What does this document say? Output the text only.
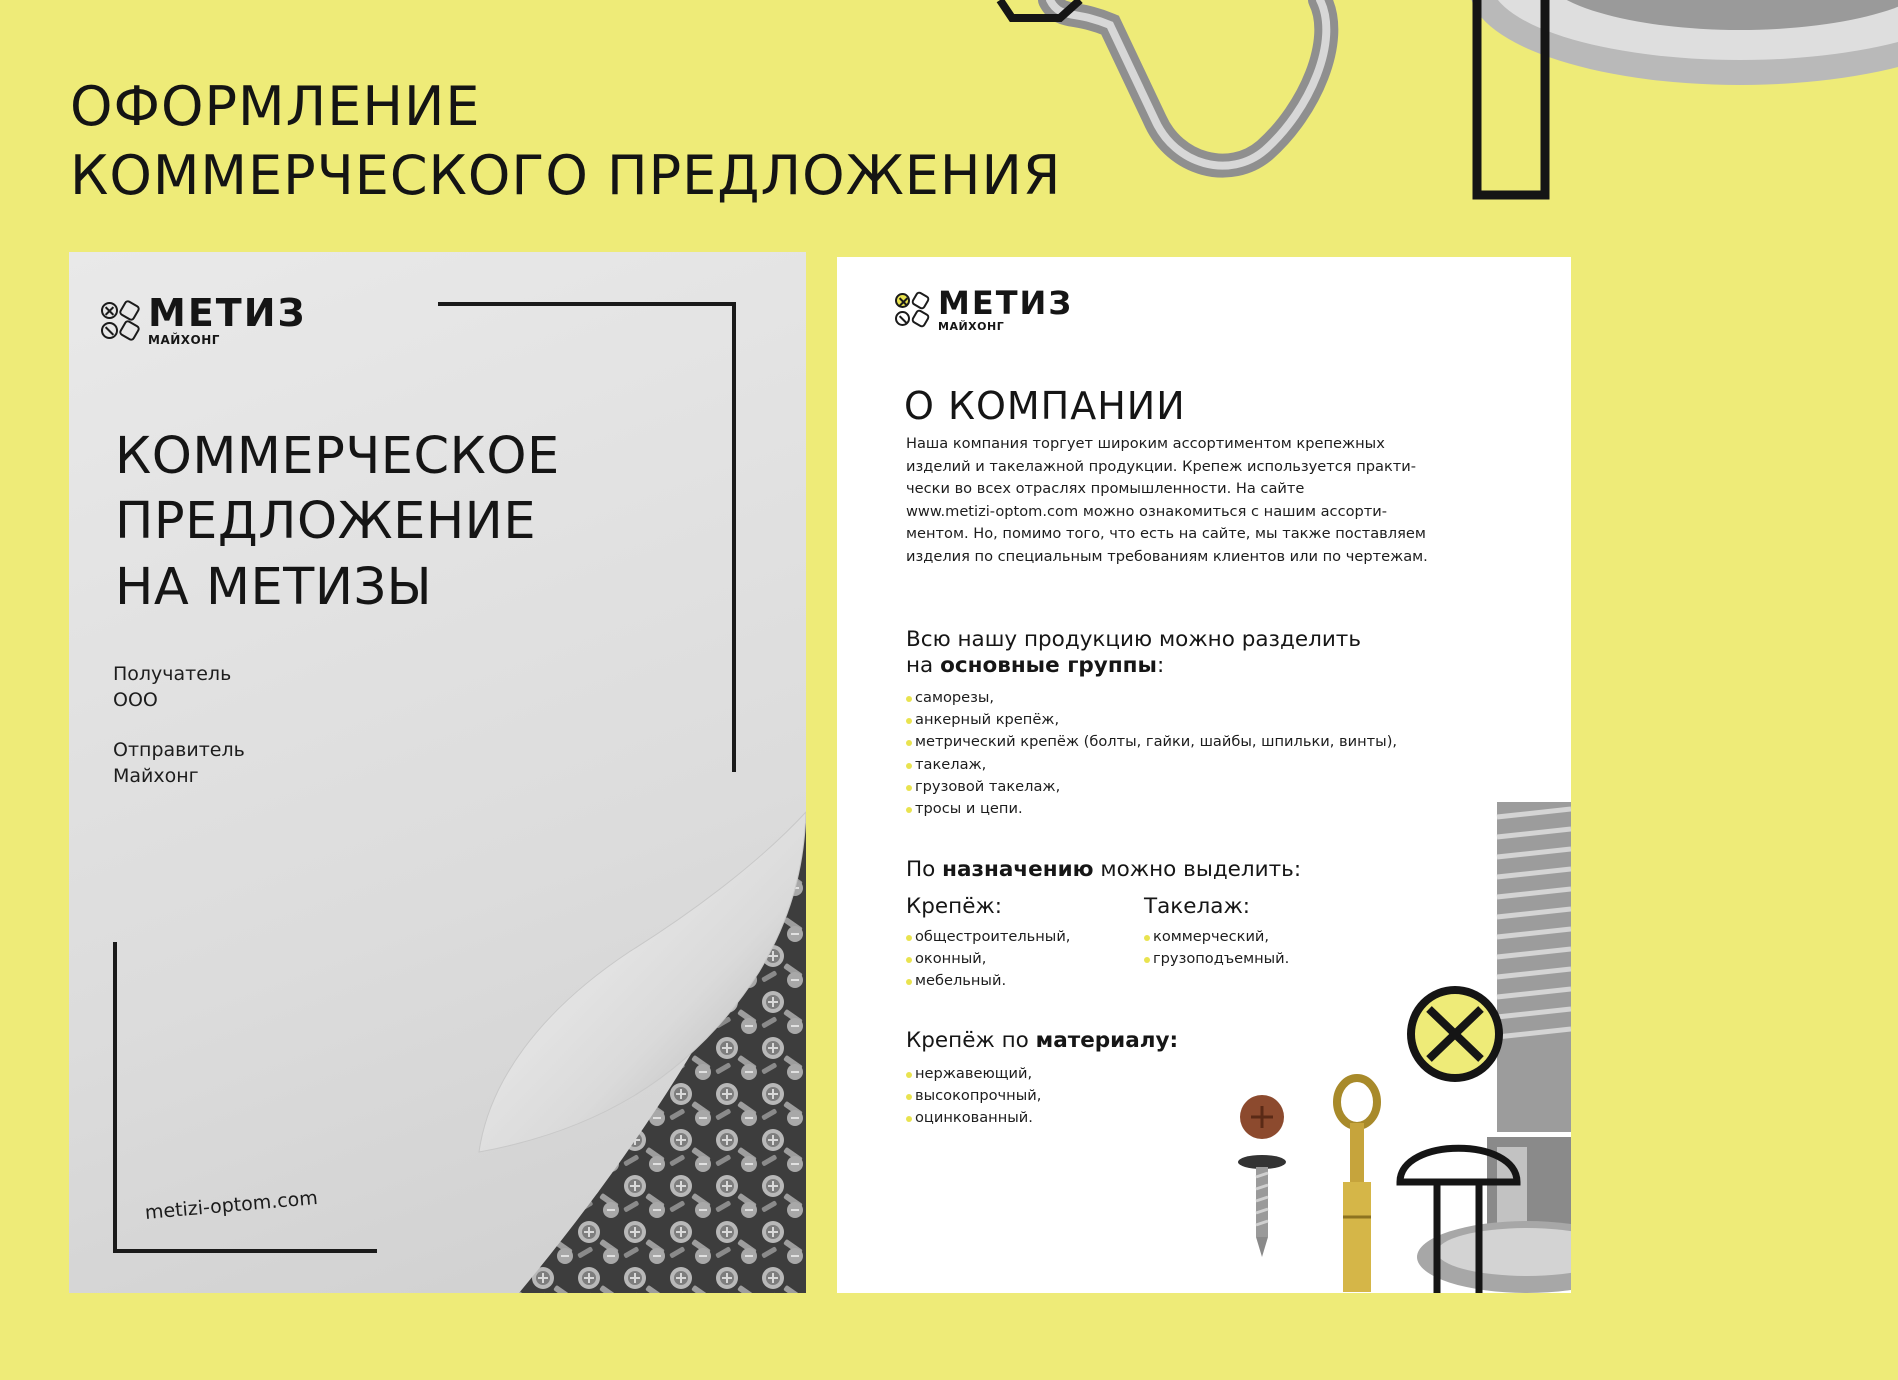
ОФОРМЛЕНИЕ
КОММЕРЧЕСКОГО ПРЕДЛОЖЕНИЯ
МЕТИЗ
МАЙХОНГ
КОММЕРЧЕСКОЕ
ПРЕДЛОЖЕНИЕ
НА МЕТИЗЫ
Получатель
ООО
Отправитель
Майхонг
metizi-optom.com
МЕТИЗ
МАЙХОНГ
О КОМПАНИИ
Наша компания торгует широким ассортиментом крепежных
изделий и такелажной продукции. Крепеж используется практи-
чески во всех отраслях промышленности. На сайте
www.metizi-optom.com можно ознакомиться с нашим ассорти-
ментом. Но, помимо того, что есть на сайте, мы также поставляем
изделия по специальным требованиям клиентов или по чертежам.
Всю нашу продукцию можно разделить
на основные группы:
саморезы,
анкерный крепёж,
метрический крепёж (болты, гайки, шайбы, шпильки, винты),
такелаж,
грузовой такелаж,
тросы и цепи.
По назначению можно выделить:
Крепёж:
общестроительный,
оконный,
мебельный.
Такелаж:
коммерческий,
грузоподъемный.
Крепёж по материалу:
нержавеющий,
высокопрочный,
оцинкованный.
